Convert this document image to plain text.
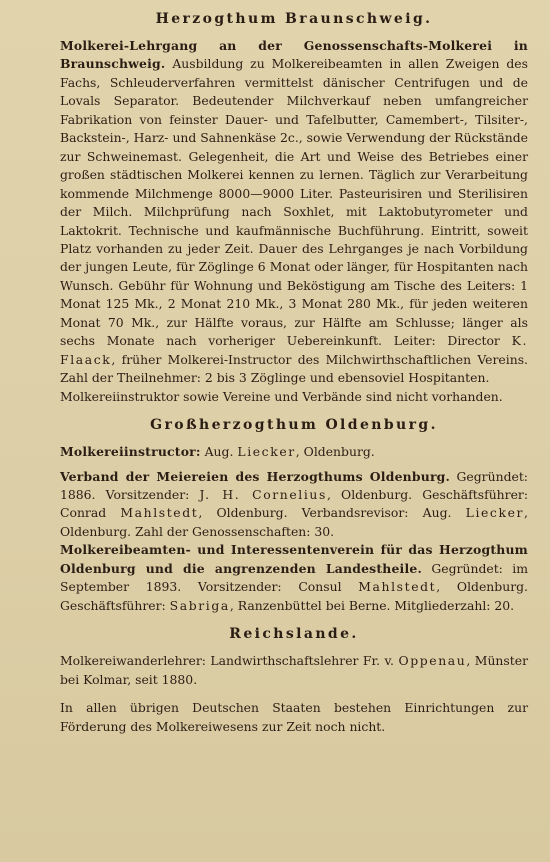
Herzogthum Braunschweig.

Molkerei-Lehrgang an der Genossenschafts-Molkerei in Braunschweig. Ausbildung zu Molkereibeamten in allen Zweigen des Fachs, Schleuderverfahren vermittelst dänischer Centrifugen und de Lovals Separator. Bedeutender Milchverkauf neben umfangreicher Fabrikation von feinster Dauer- und Tafelbutter, Camembert-, Tilsiter-, Backstein-, Harz- und Sahnenkäse 2c., sowie Verwendung der Rückstände zur Schweinemast. Gelegenheit, die Art und Weise des Betriebes einer großen städtischen Molkerei kennen zu lernen. Täglich zur Verarbeitung kommende Milchmenge 8000—9000 Liter. Pasteurisiren und Sterilisiren der Milch. Milchprüfung nach Soxhlet, mit Laktobutyrometer und Laktokrit. Technische und kaufmännische Buchführung. Eintritt, soweit Platz vorhanden zu jeder Zeit. Dauer des Lehrganges je nach Vorbildung der jungen Leute, für Zöglinge 6 Monat oder länger, für Hospitanten nach Wunsch. Gebühr für Wohnung und Beköstigung am Tische des Leiters: 1 Monat 125 Mk., 2 Monat 210 Mk., 3 Monat 280 Mk., für jeden weiteren Monat 70 Mk., zur Hälfte voraus, zur Hälfte am Schlusse; länger als sechs Monate nach vorheriger Uebereinkunft. Leiter: Director K. Flaack, früher Molkerei-Instructor des Milchwirthschaftlichen Vereins. Zahl der Theilnehmer: 2 bis 3 Zöglinge und ebensoviel Hospitanten.

Molkereiinstruktor sowie Vereine und Verbände sind nicht vorhanden.

Großherzogthum Oldenburg.

Molkereiinstructor: Aug. Liecker, Oldenburg.

Verband der Meiereien des Herzogthums Oldenburg. Gegründet: 1886. Vorsitzender: J. H. Cornelius, Oldenburg. Geschäftsführer: Conrad Mahlstedt, Oldenburg. Verbandsrevisor: Aug. Liecker, Oldenburg. Zahl der Genossenschaften: 30.

Molkereibeamten- und Interessentenverein für das Herzogthum Oldenburg und die angrenzenden Landestheile. Gegründet: im September 1893. Vorsitzender: Consul Mahlstedt, Oldenburg. Geschäftsführer: Sabriga, Ranzenbüttel bei Berne. Mitgliederzahl: 20.

Reichslande.

Molkereiwanderlehrer: Landwirthschaftslehrer Fr. v. Oppenau, Münster bei Kolmar, seit 1880.

In allen übrigen Deutschen Staaten bestehen Einrichtungen zur Förderung des Molkereiwesens zur Zeit noch nicht.
